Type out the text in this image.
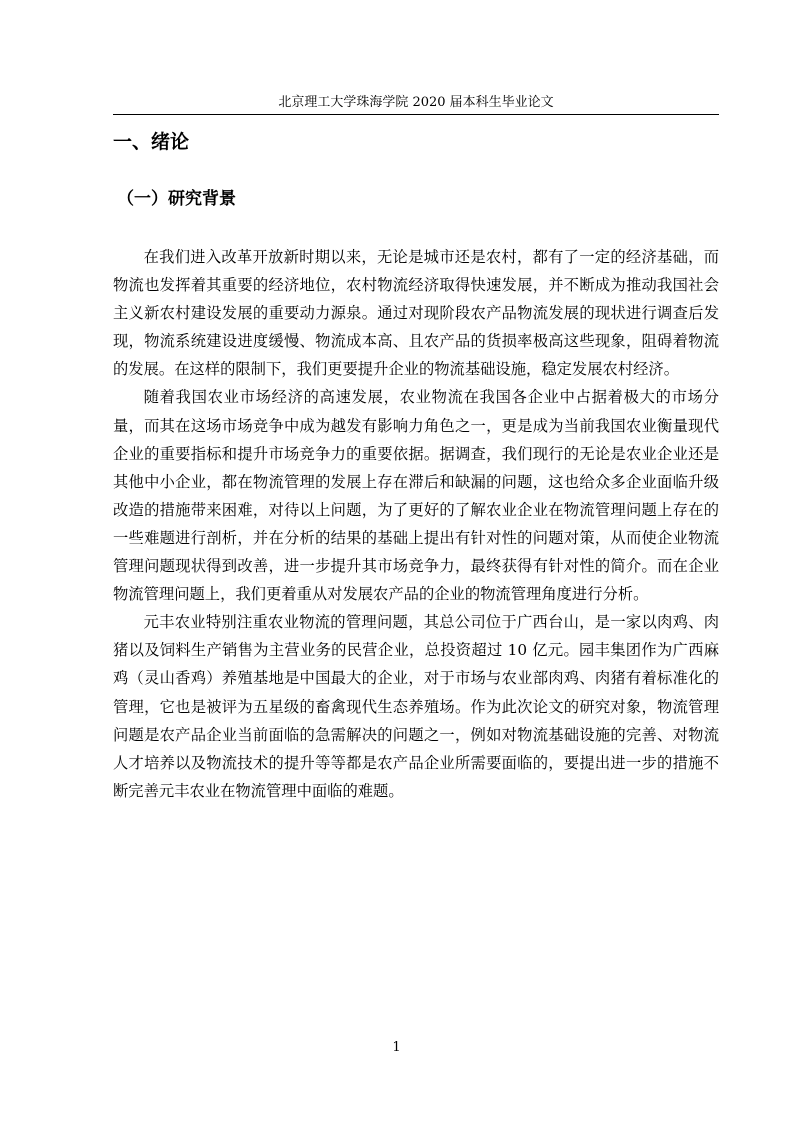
北京理工大学珠海学院 2020 届本科生毕业论文
一、绪论
（一）研究背景

在我们进入改革开放新时期以来，无论是城市还是农村，都有了一定的经济基础，而物流也发挥着其重要的经济地位，农村物流经济取得快速发展，并不断成为推动我国社会主义新农村建设发展的重要动力源泉。通过对现阶段农产品物流发展的现状进行调查后发现，物流系统建设进度缓慢、物流成本高、且农产品的货损率极高这些现象，阻碍着物流的发展。在这样的限制下，我们更要提升企业的物流基础设施，稳定发展农村经济。

随着我国农业市场经济的高速发展，农业物流在我国各企业中占据着极大的市场分量，而其在这场市场竞争中成为越发有影响力角色之一，更是成为当前我国农业衡量现代企业的重要指标和提升市场竞争力的重要依据。据调查，我们现行的无论是农业企业还是其他中小企业，都在物流管理的发展上存在滞后和缺漏的问题，这也给众多企业面临升级改造的措施带来困难，对待以上问题，为了更好的了解农业企业在物流管理问题上存在的一些难题进行剖析，并在分析的结果的基础上提出有针对性的问题对策，从而使企业物流管理问题现状得到改善，进一步提升其市场竞争力，最终获得有针对性的简介。而在企业物流管理问题上，我们更着重从对发展农产品的企业的物流管理角度进行分析。

元丰农业特别注重农业物流的管理问题，其总公司位于广西台山，是一家以肉鸡、肉猪以及饲料生产销售为主营业务的民营企业，总投资超过 10 亿元。园丰集团作为广西麻鸡（灵山香鸡）养殖基地是中国最大的企业，对于市场与农业部肉鸡、肉猪有着标准化的管理，它也是被评为五星级的畜禽现代生态养殖场。作为此次论文的研究对象，物流管理问题是农产品企业当前面临的急需解决的问题之一，例如对物流基础设施的完善、对物流人才培养以及物流技术的提升等等都是农产品企业所需要面临的，要提出进一步的措施不断完善元丰农业在物流管理中面临的难题。

1
